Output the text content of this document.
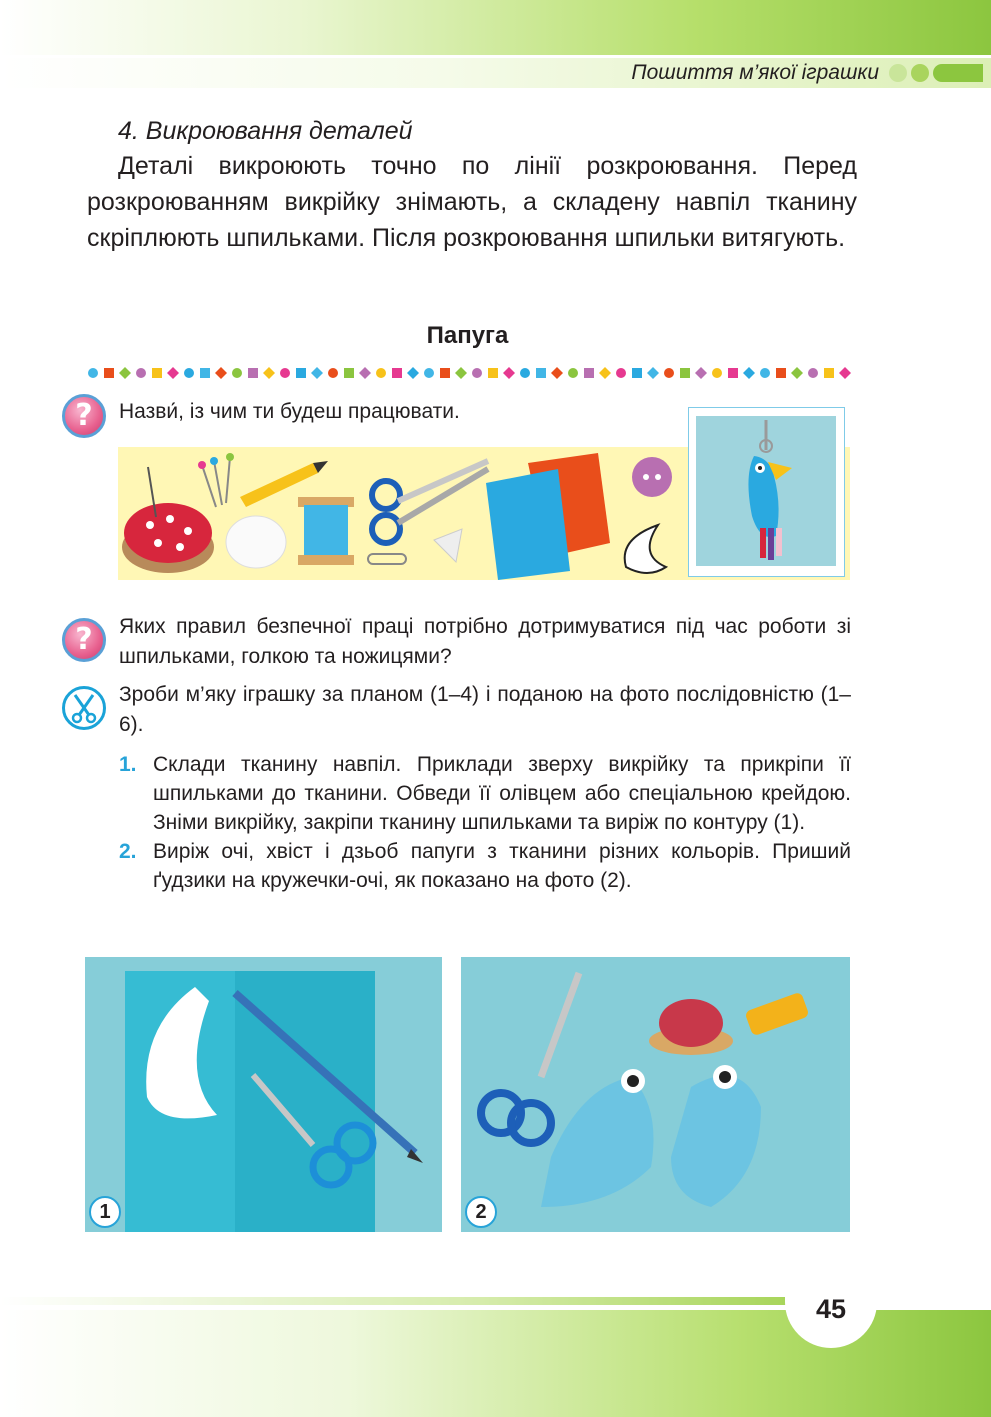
Пошиття м’якої іграшки
4. Викроювання деталей
Деталі викроюють точно по лінії розкроювання. Перед розкроюванням викрійку знімають, а складену навпіл тканину скріплюють шпильками. Після розкроювання шпильки витягують.
Папуга
?	Назви́, із чим ти будеш працювати.
?	Яких правил безпечної праці потрібно дотримуватися під час роботи зі шпильками, голкою та ножицями?
Зроби м’яку іграшку за планом (1–4) і поданою на фото послідовністю (1–6).
1. Склади тканину навпіл. Приклади зверху викрійку та прикріпи її шпильками до тканини. Обведи її олівцем або спеціальною крейдою. Зніми викрійку, закріпи тканину шпильками та виріж по контуру (1).
2. Виріж очі, хвіст і дзьоб папуги з тканини різних кольорів. Приший ґудзики на кружечки-очі, як показано на фото (2).
1	2
45
